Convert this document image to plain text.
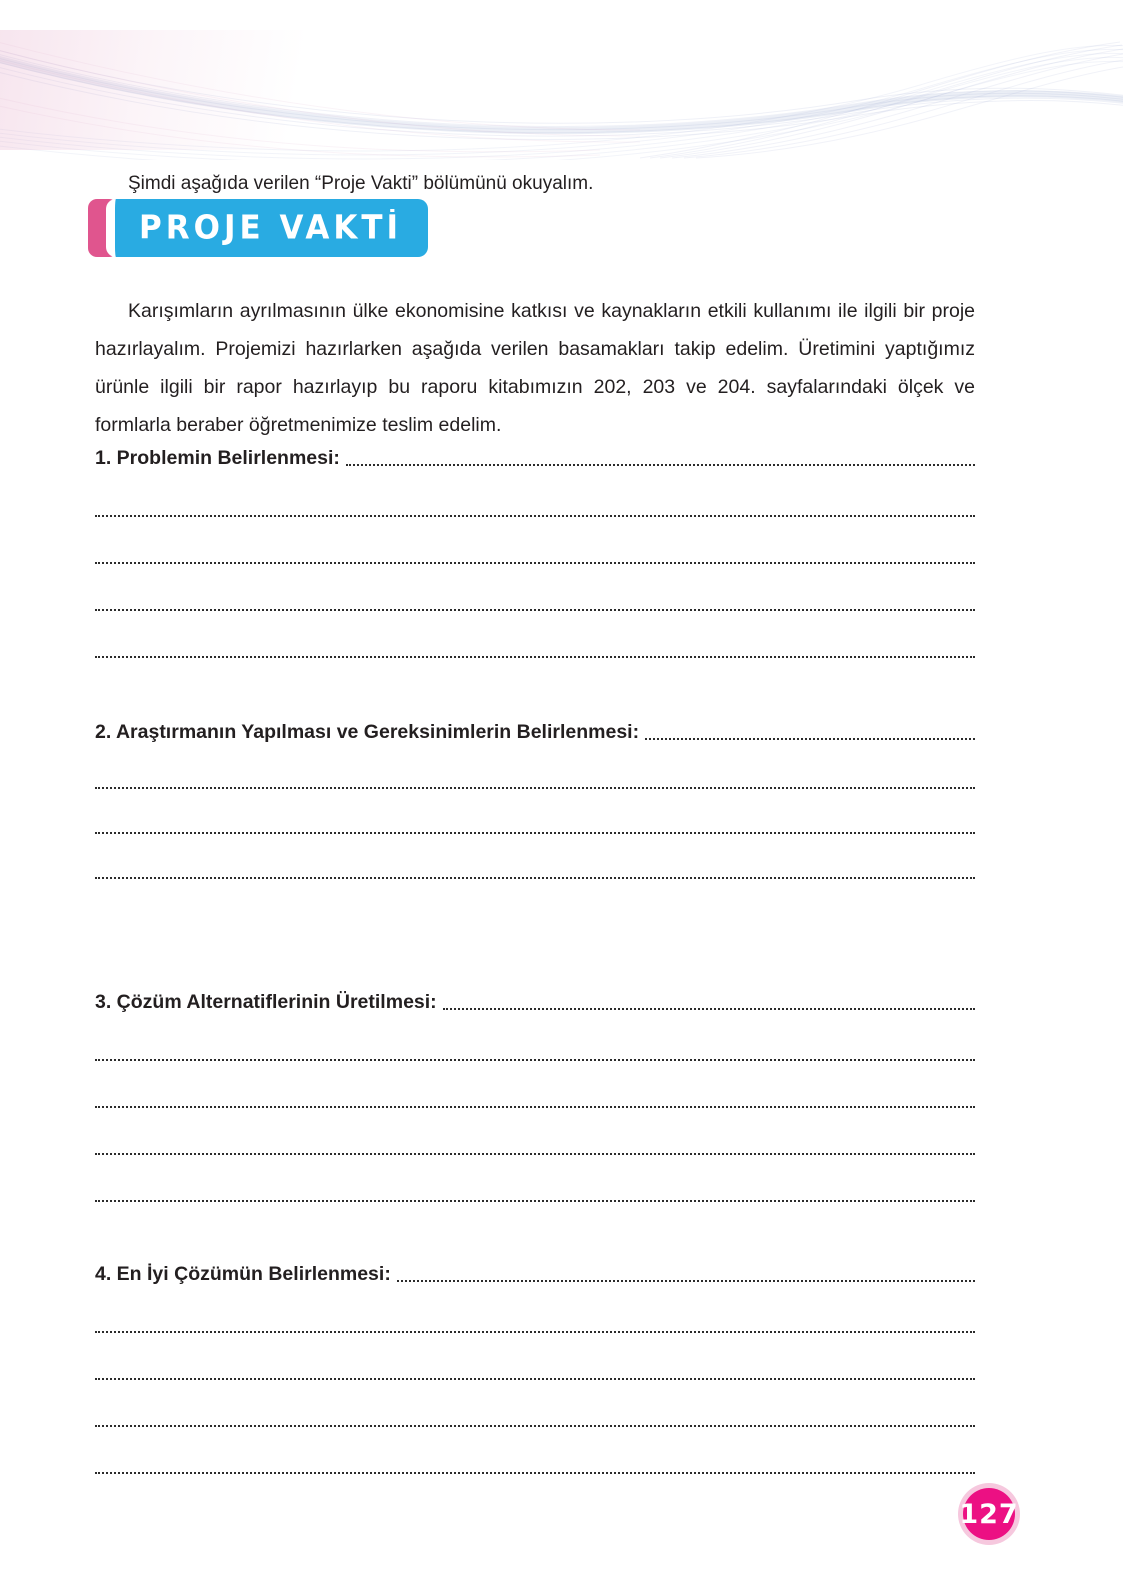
Şimdi aşağıda verilen “Proje Vakti” bölümünü okuyalım.

PROJE VAKTİ

Karışımların ayrılmasının ülke ekonomisine katkısı ve kaynakların etkili kullanımı ile ilgili bir proje hazırlayalım. Projemizi hazırlarken aşağıda verilen basamakları takip edelim. Üretimini yaptığımız ürünle ilgili bir rapor hazırlayıp bu raporu kitabımızın 202, 203 ve 204. sayfalarındaki ölçek ve formlarla beraber öğretmenimize teslim edelim.

1. Problemin Belirlenmesi:
2. Araştırmanın Yapılması ve Gereksinimlerin Belirlenmesi:
3. Çözüm Alternatiflerinin Üretilmesi:
4. En İyi Çözümün Belirlenmesi:
127
